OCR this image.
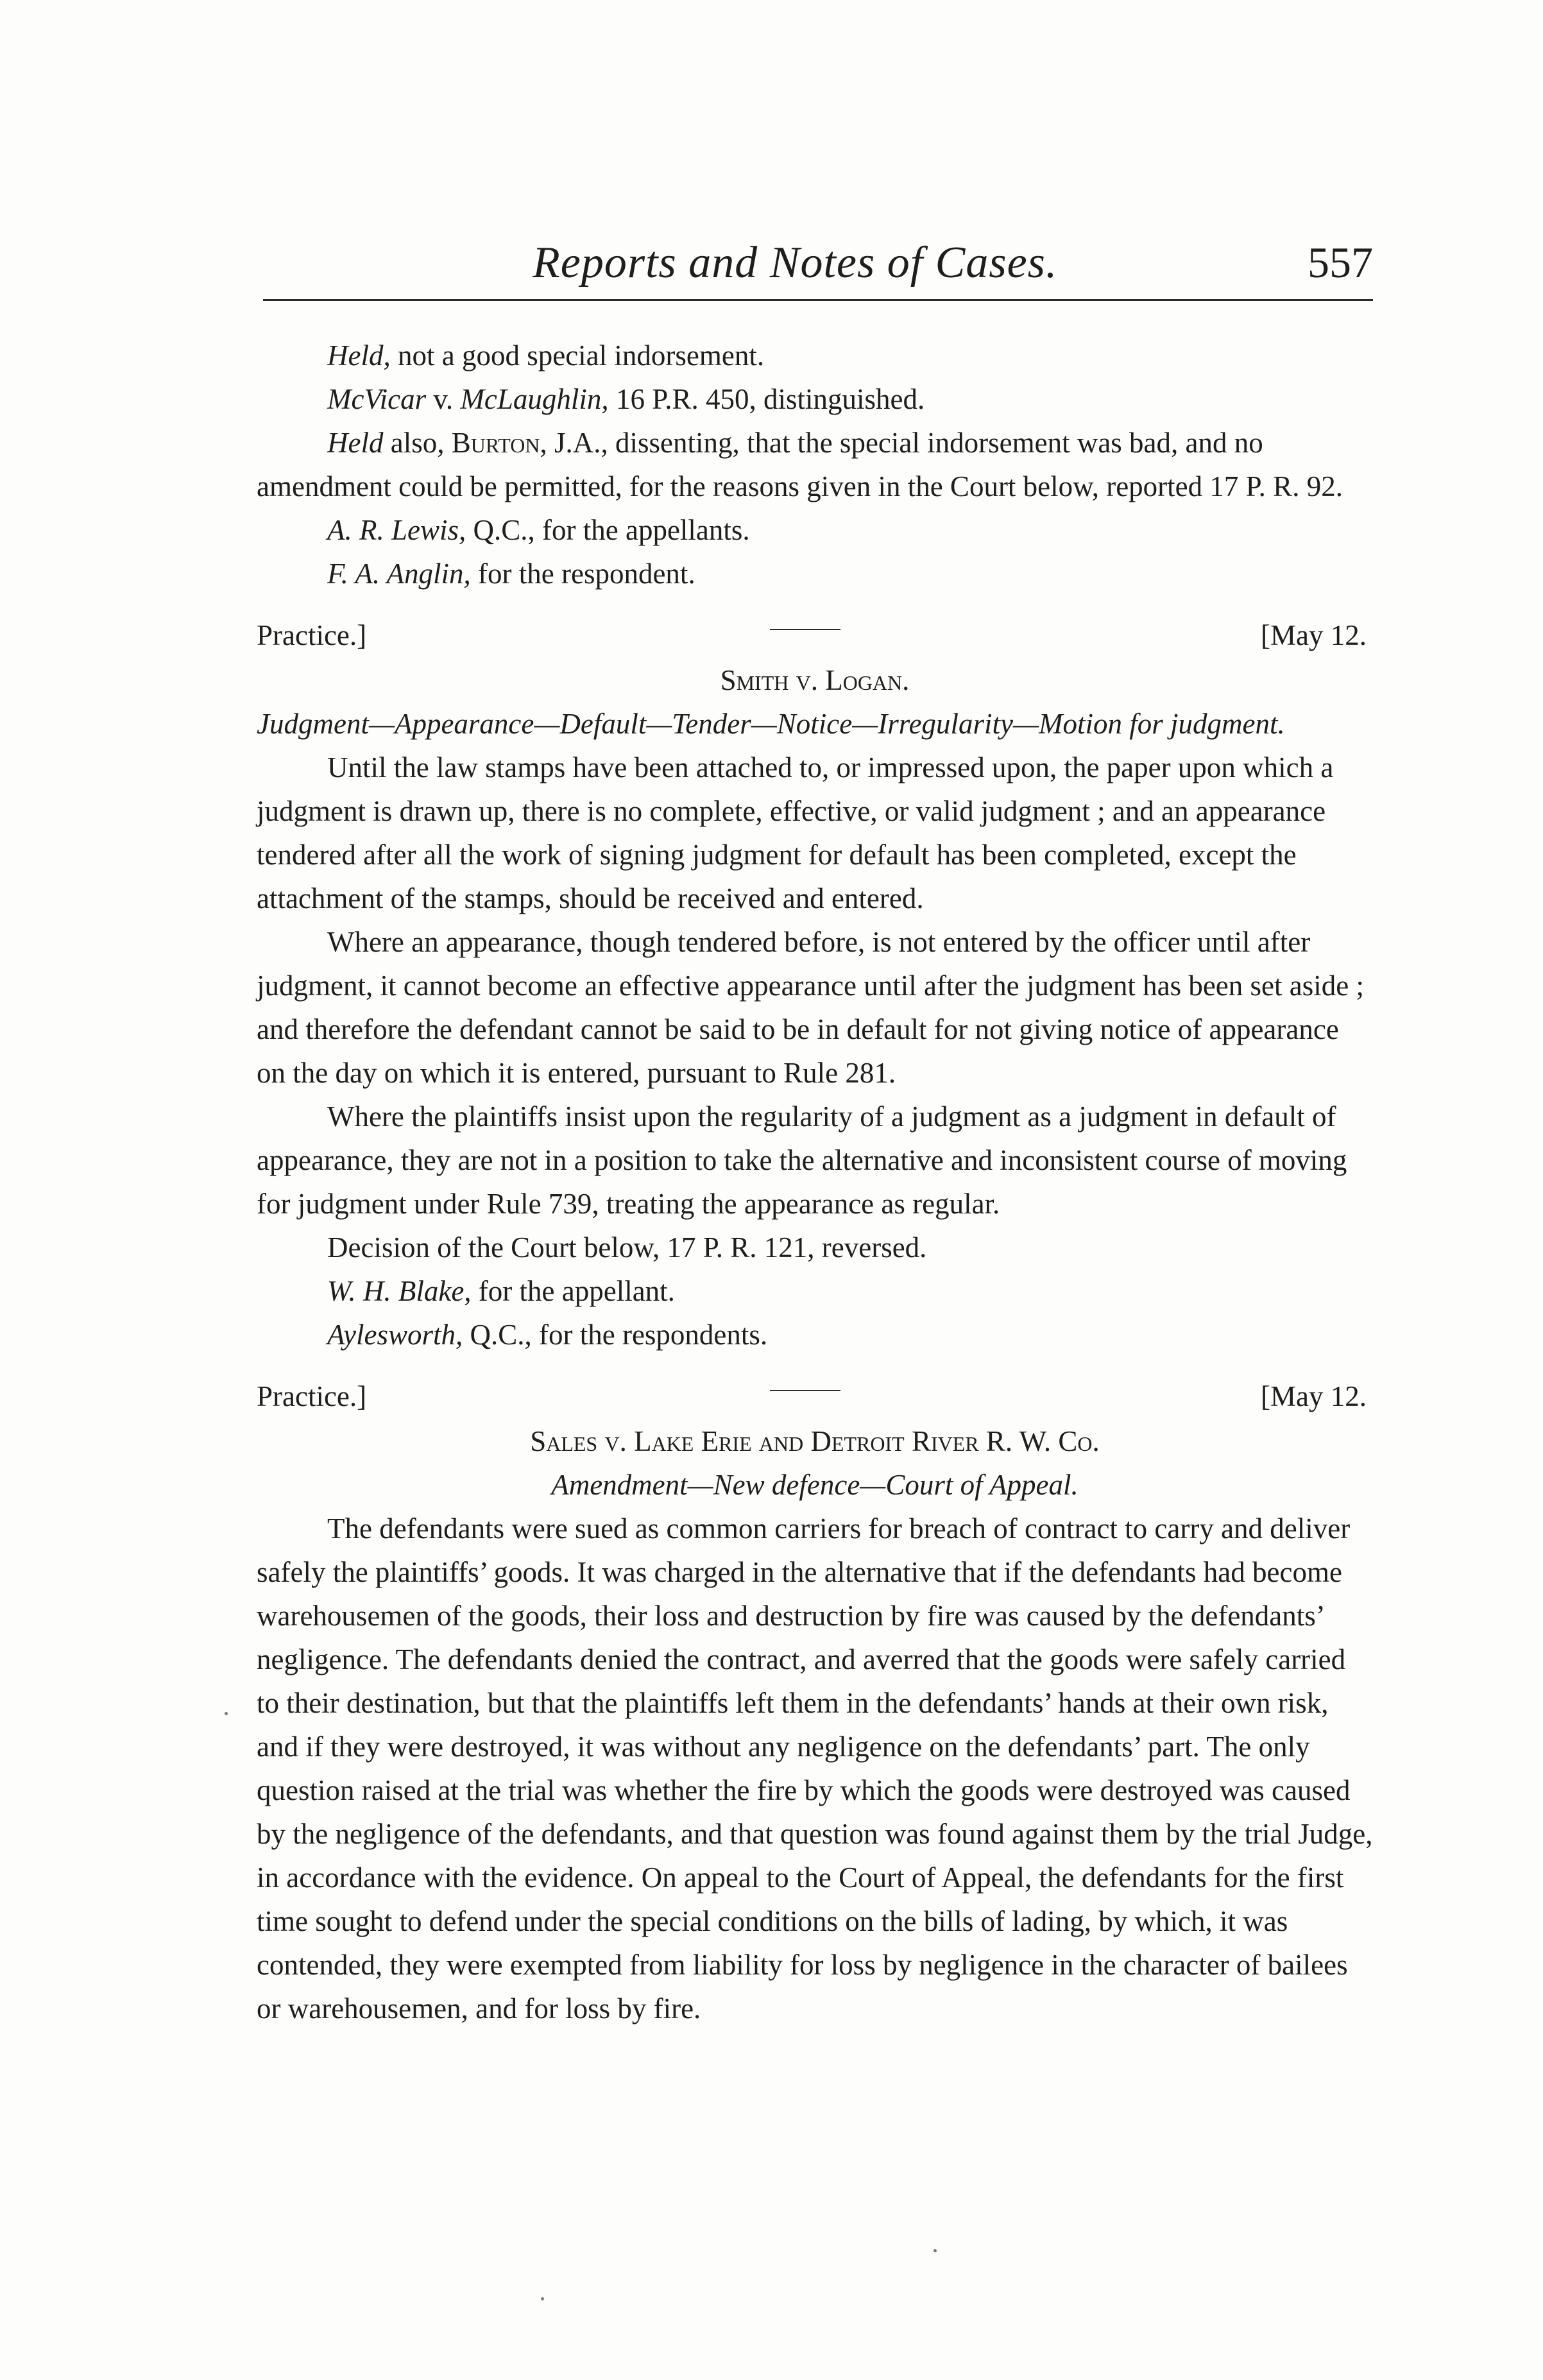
Reports and Notes of Cases.	557

Held, not a good special indorsement.

McVicar v. McLaughlin, 16 P.R. 450, distinguished.

Held also, Burton, J.A., dissenting, that the special indorsement was bad, and no amendment could be permitted, for the reasons given in the Court below, reported 17 P. R. 92.

A. R. Lewis, Q.C., for the appellants.

F. A. Anglin, for the respondent.

Practice.]	[May 12.

Smith v. Logan.

Judgment—Appearance—Default—Tender—Notice—Irregularity—Motion for judgment.

Until the law stamps have been attached to, or impressed upon, the paper upon which a judgment is drawn up, there is no complete, effective, or valid judgment ; and an appearance tendered after all the work of signing judgment for default has been completed, except the attachment of the stamps, should be received and entered.

Where an appearance, though tendered before, is not entered by the officer until after judgment, it cannot become an effective appearance until after the judgment has been set aside ; and therefore the defendant cannot be said to be in default for not giving notice of appearance on the day on which it is entered, pursuant to Rule 281.

Where the plaintiffs insist upon the regularity of a judgment as a judgment in default of appearance, they are not in a position to take the alternative and inconsistent course of moving for judgment under Rule 739, treating the appearance as regular.

Decision of the Court below, 17 P. R. 121, reversed.

W. H. Blake, for the appellant.

Aylesworth, Q.C., for the respondents.

Practice.]	[May 12.

Sales v. Lake Erie and Detroit River R. W. Co.

Amendment—New defence—Court of Appeal.

The defendants were sued as common carriers for breach of contract to carry and deliver safely the plaintiffs’ goods. It was charged in the alternative that if the defendants had become warehousemen of the goods, their loss and destruction by fire was caused by the defendants’ negligence. The defendants denied the contract, and averred that the goods were safely carried to their destination, but that the plaintiffs left them in the defendants’ hands at their own risk, and if they were destroyed, it was without any negligence on the defendants’ part. The only question raised at the trial was whether the fire by which the goods were destroyed was caused by the negligence of the defendants, and that question was found against them by the trial Judge, in accordance with the evidence. On appeal to the Court of Appeal, the defendants for the first time sought to defend under the special conditions on the bills of lading, by which, it was contended, they were exempted from liability for loss by negligence in the character of bailees or warehousemen, and for loss by fire.
